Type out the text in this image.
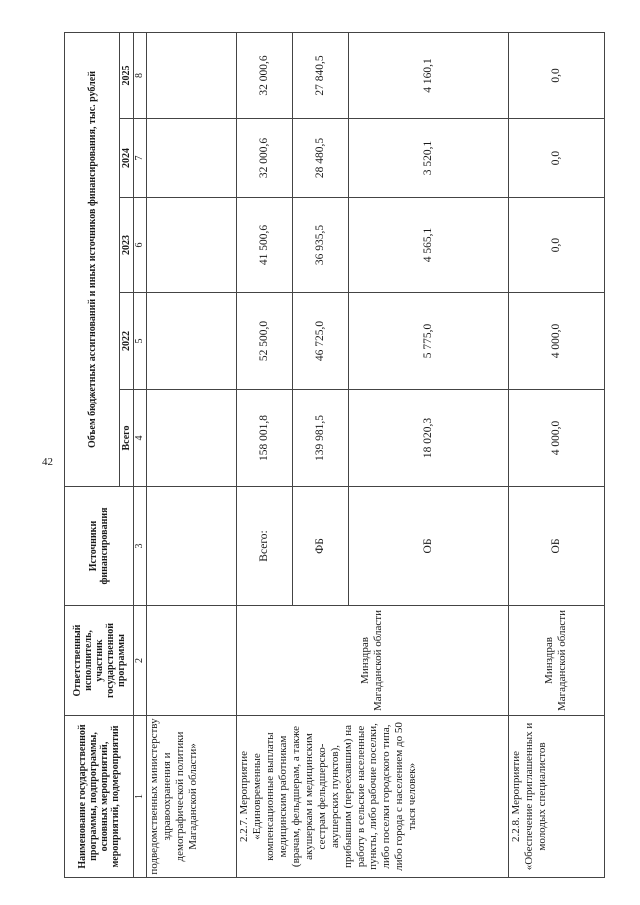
42
Наименование государственной программы, подпрограммы, основных мероприятий, мероприятий, подмероприятий	Ответственный исполнитель, участник государственной программы	Источники финансирования	Объем бюджетных ассигнований и иных источников финансирования, тыс. рублей				
			Всего	2022	2023	2024	2025
1	2	3	4	5	6	7	8
подведомственных министерству здравоохранения и демографической политики Магаданской области»							
2.2.7. Мероприятие «Единовременные компенсационные выплаты медицинским работникам (врачам, фельдшерам, а также акушеркам и медицинским сестрам фельдшерско-акушерских пунктов), прибывшим (переехавшим) на работу в сельские населенные пункты, либо рабочие поселки, либо поселки городского типа, либо города с населением до 50 тыся человек»	Минздрав Магаданской области	Всего:	158 001,8	52 500,0	41 500,6	32 000,6	32 000,6
		ФБ	139 981,5	46 725,0	36 935,5	28 480,5	27 840,5
		ОБ	18 020,3	5 775,0	4 565,1	3 520,1	4 160,1
2.2.8. Мероприятие «Обеспечение приглашенных и молодых специалистов	Минздрав Магаданской области	ОБ	4 000,0	4 000,0	0,0	0,0	0,0
